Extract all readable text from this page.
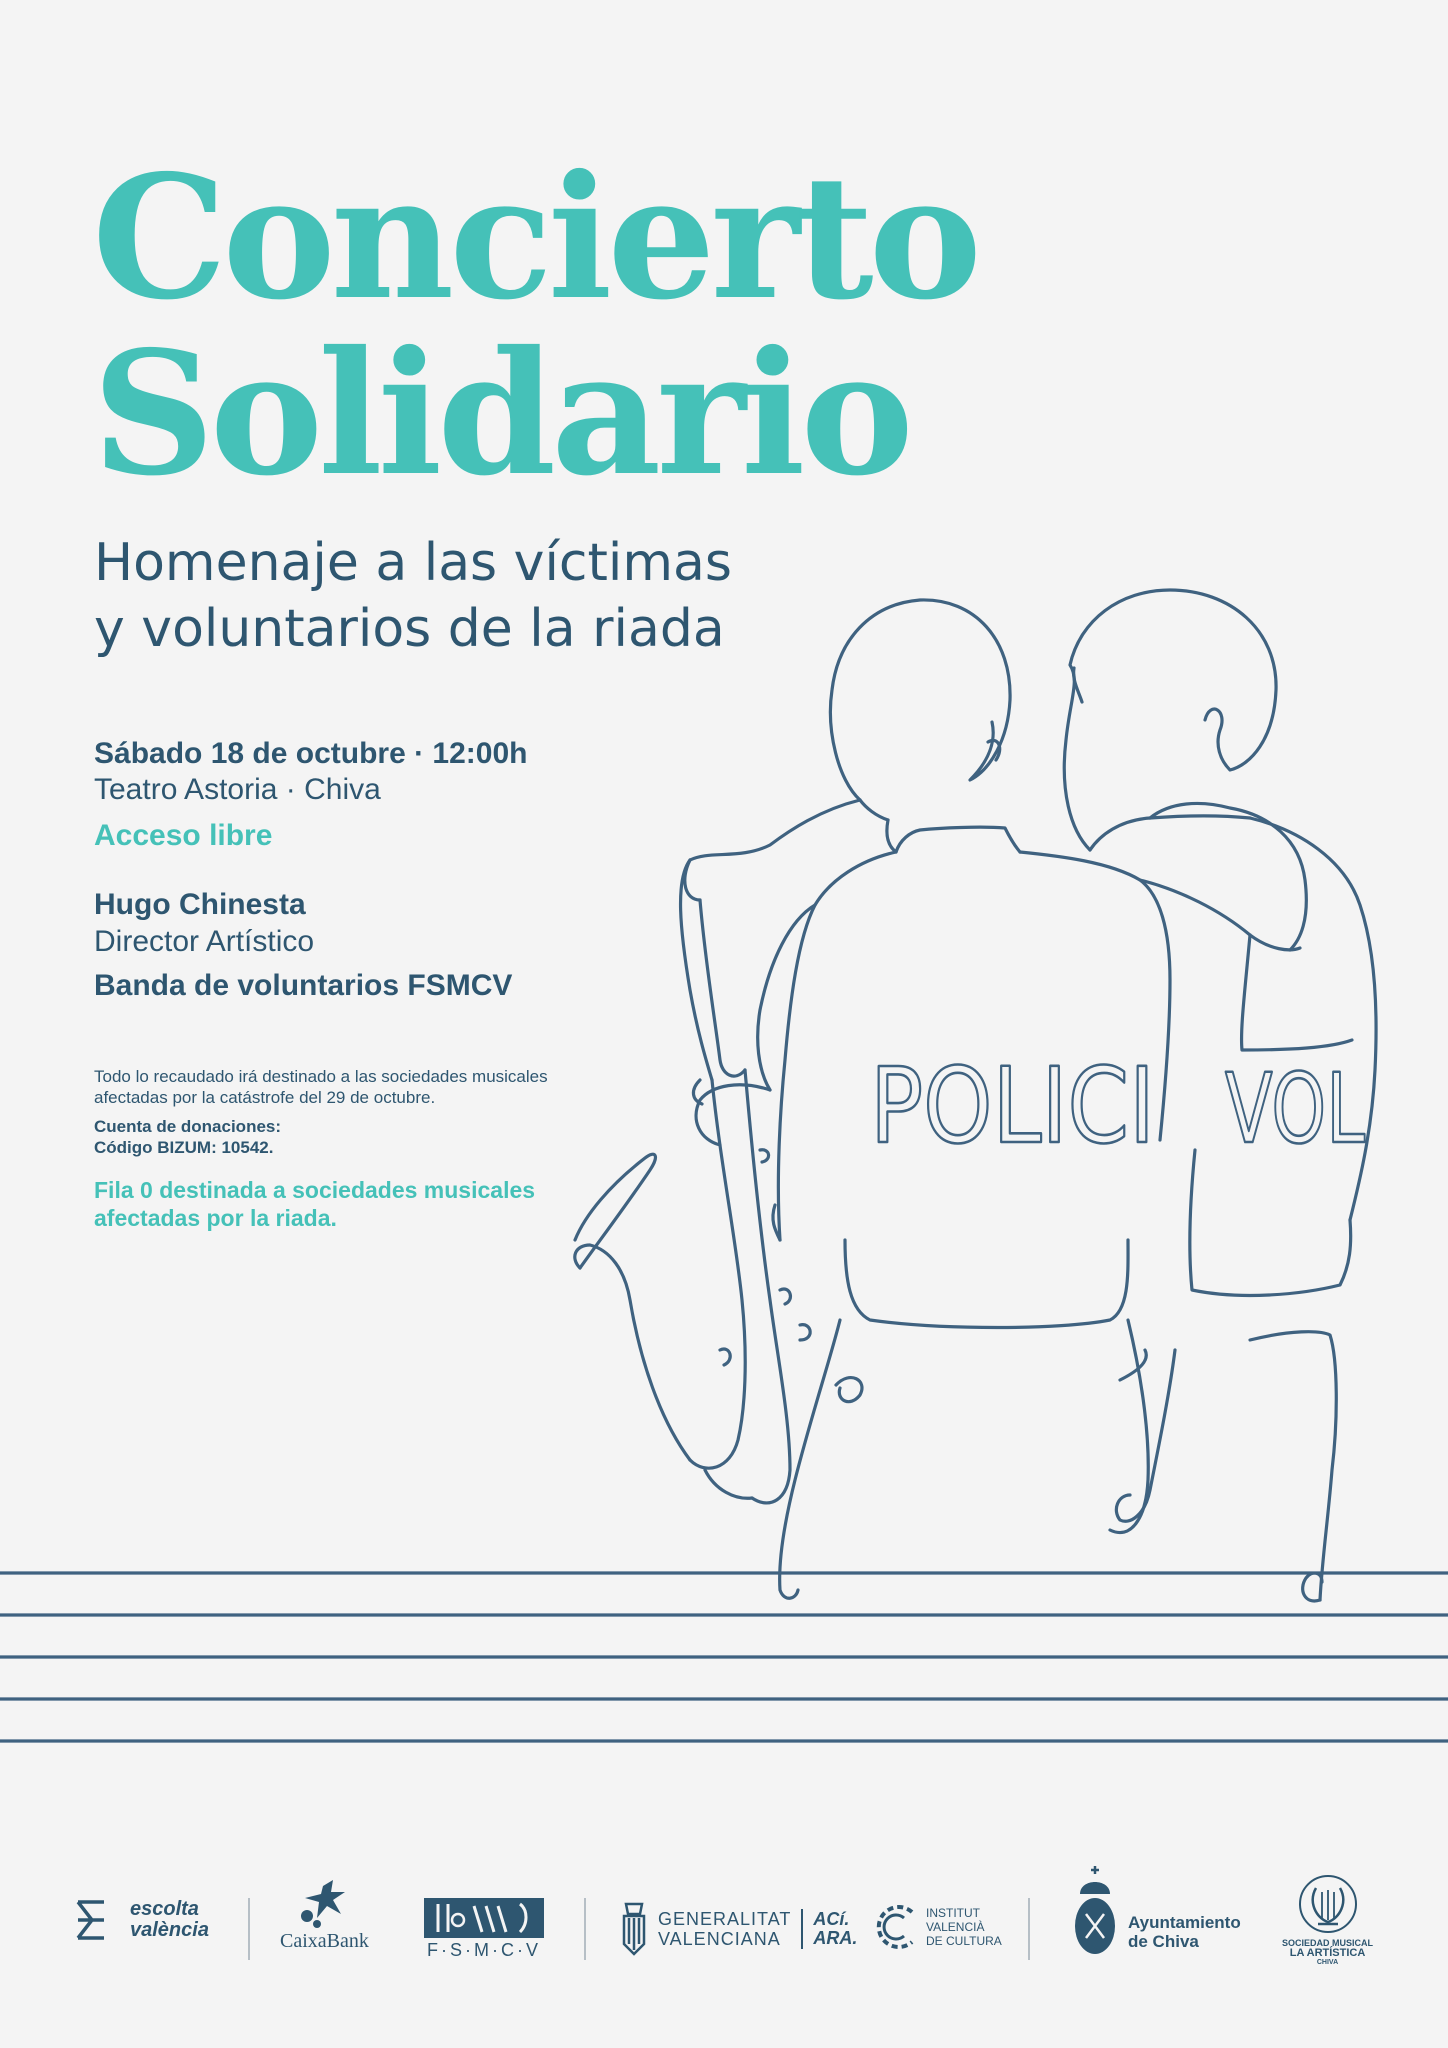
Concierto
Solidario
Homenaje a las víctimas
y voluntarios de la riada
Sábado 18 de octubre · 12:00h
Teatro Astoria · Chiva
Acceso libre
Hugo Chinesta
Director Artístico
Banda de voluntarios FSMCV
Todo lo recaudado irá destinado a las sociedades musicales afectadas por la catástrofe del 29 de octubre.
Cuenta de donaciones:
Código BIZUM: 10542.
Fila 0 destinada a sociedades musicales
afectadas por la riada.
POLICI VOL
escolta
valència	CaixaBank	F·S·M·C·V
GENERALITAT
VALENCIANA
ACí.
ARA.
INSTITUT
VALENCIÀ
DE CULTURA
Ayuntamiento
de Chiva	SOCIEDAD MUSICAL
LA ARTÍSTICA
CHIVA
